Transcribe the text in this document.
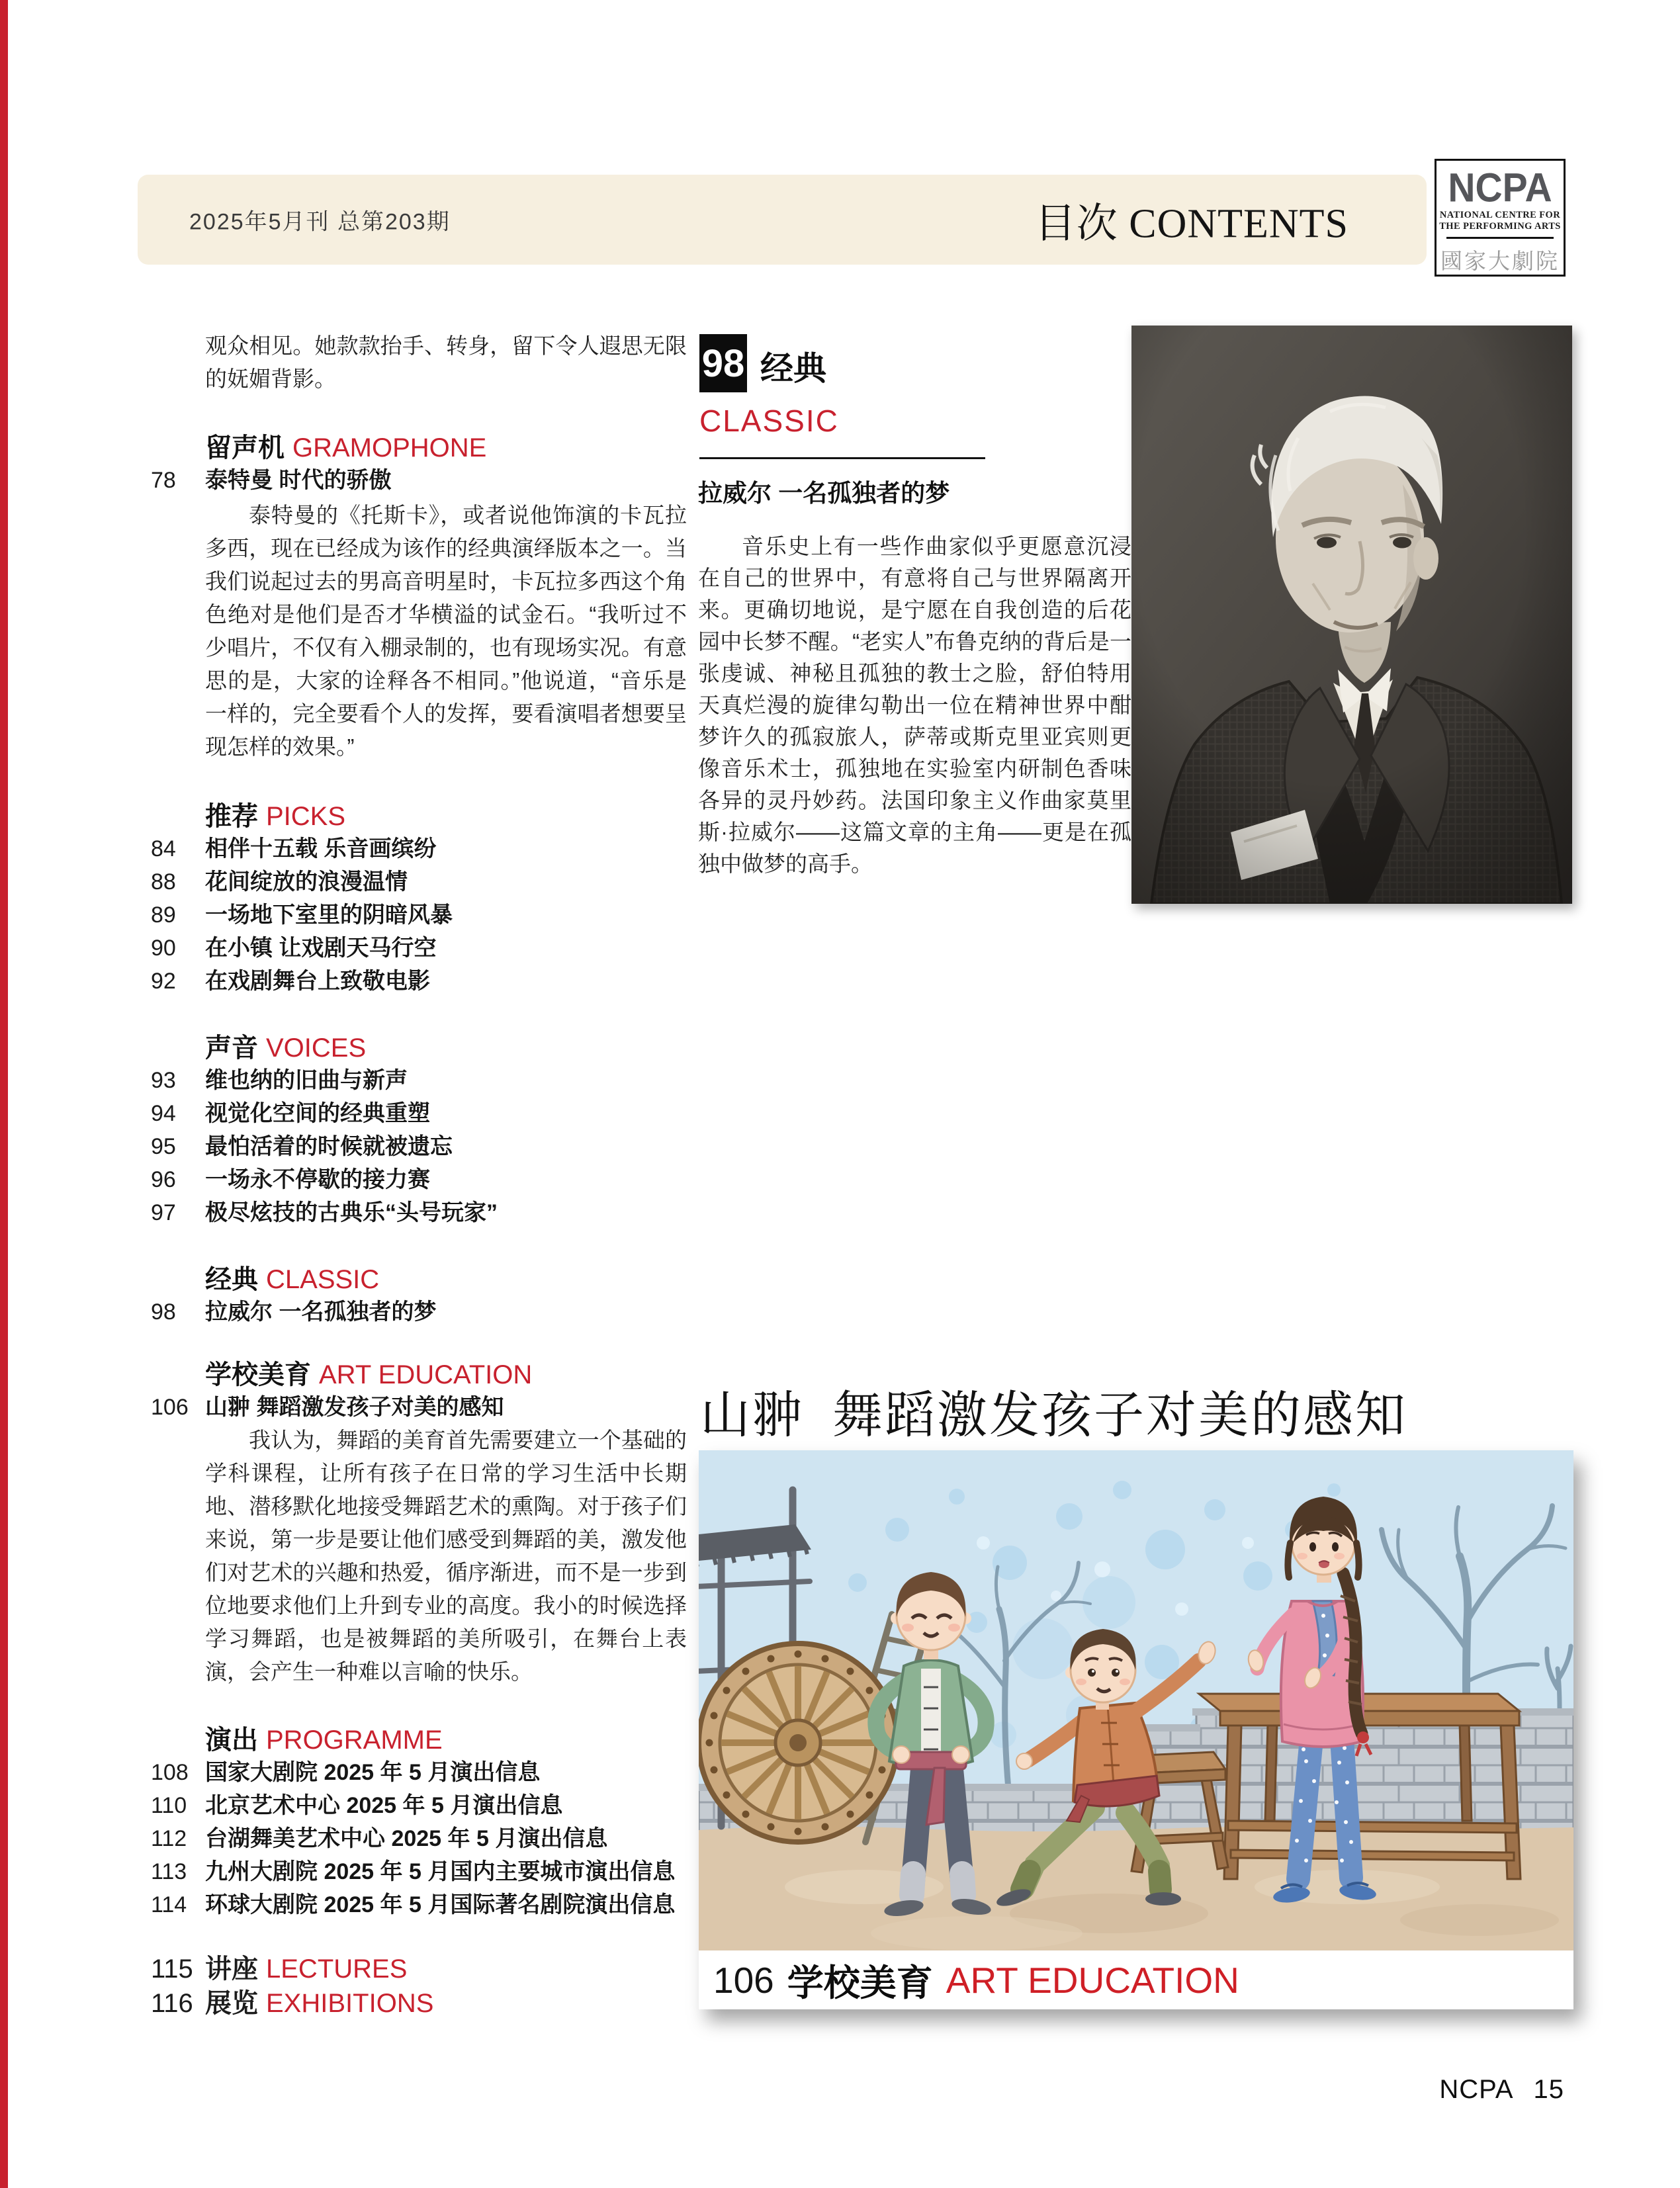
2025年5月刊 总第203期	目次 CONTENTS
NCPA
NATIONAL CENTRE FOR
THE PERFORMING ARTS
國家大劇院

观众相见。她款款抬手、转身，留下令人遐思无限的妩媚背影。

留声机 GRAMOPHONE
78	泰特曼 时代的骄傲

泰特曼的《托斯卡》，或者说他饰演的卡瓦拉多西，现在已经成为该作的经典演绎版本之一。当我们说起过去的男高音明星时，卡瓦拉多西这个角色绝对是他们是否才华横溢的试金石。“我听过不少唱片，不仅有入棚录制的，也有现场实况。有意思的是，大家的诠释各不相同。”他说道，“音乐是一样的，完全要看个人的发挥，要看演唱者想要呈现怎样的效果。”

推荐 PICKS
84	相伴十五载 乐音画缤纷
88	花间绽放的浪漫温情
89	一场地下室里的阴暗风暴
90	在小镇 让戏剧天马行空
92	在戏剧舞台上致敬电影
声音 VOICES
93	维也纳的旧曲与新声
94	视觉化空间的经典重塑
95	最怕活着的时候就被遗忘
96	一场永不停歇的接力赛
97	极尽炫技的古典乐“头号玩家”
经典 CLASSIC
98	拉威尔 一名孤独者的梦
学校美育 ART EDUCATION
106 山翀 舞蹈激发孩子对美的感知

我认为，舞蹈的美育首先需要建立一个基础的学科课程，让所有孩子在日常的学习生活中长期地、潜移默化地接受舞蹈艺术的熏陶。对于孩子们来说，第一步是要让他们感受到舞蹈的美，激发他们对艺术的兴趣和热爱，循序渐进，而不是一步到位地要求他们上升到专业的高度。我小的时候选择学习舞蹈，也是被舞蹈的美所吸引，在舞台上表演，会产生一种难以言喻的快乐。

演出 PROGRAMME
108 国家大剧院 2025 年 5 月演出信息
110 北京艺术中心 2025 年 5 月演出信息
112 台湖舞美艺术中心 2025 年 5 月演出信息
113 九州大剧院 2025 年 5 月国内主要城市演出信息
114 环球大剧院 2025 年 5 月国际著名剧院演出信息
115 讲座 LECTURES
116 展览 EXHIBITIONS
98 经典
CLASSIC
拉威尔 一名孤独者的梦

音乐史上有一些作曲家似乎更愿意沉浸在自己的世界中，有意将自己与世界隔离开来。更确切地说，是宁愿在自我创造的后花园中长梦不醒。“老实人”布鲁克纳的背后是一张虔诚、神秘且孤独的教士之脸，舒伯特用天真烂漫的旋律勾勒出一位在精神世界中酣梦许久的孤寂旅人，萨蒂或斯克里亚宾则更像音乐术士，孤独地在实验室内研制色香味各异的灵丹妙药。法国印象主义作曲家莫里斯·拉威尔——这篇文章的主角——更是在孤独中做梦的高手。

山翀 舞蹈激发孩子对美的感知
106 学校美育 ART EDUCATION
NCPA 15
